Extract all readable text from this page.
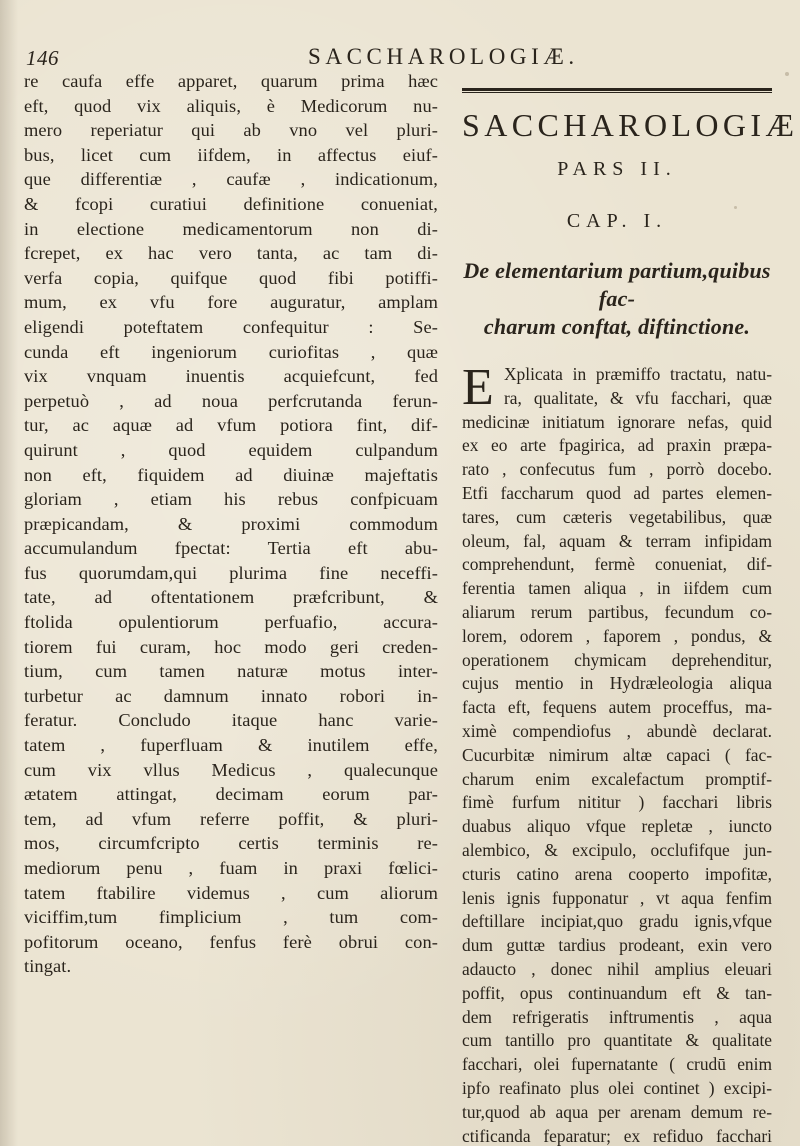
146	SACCHAROLOGIÆ.
re caufa effe apparet, quarum prima hæc
eft, quod vix aliquis, è Medicorum nu-
mero reperiatur qui ab vno vel pluri-
bus, licet cum iifdem, in affectus eiuf-
que differentiæ , caufæ , indicationum,
& fcopi curatiui definitione conueniat,
in electione medicamentorum non di-
fcrepet, ex hac vero tanta, ac tam di-
verfa copia, quifque quod fibi potiffi-
mum, ex vfu fore auguratur, amplam
eligendi poteftatem confequitur : Se-
cunda eft ingeniorum curiofitas , quæ
vix vnquam inuentis acquiefcunt, fed
perpetuò , ad noua perfcrutanda ferun-
tur, ac aquæ ad vfum potiora fint, dif-
quirunt , quod equidem culpandum
non eft, fiquidem ad diuinæ majeftatis
gloriam , etiam his rebus confpicuam
præpicandam, & proximi commodum
accumulandum fpectat: Tertia eft abu-
fus quorumdam,qui plurima fine neceffi-
tate, ad oftentationem præfcribunt, &
ftolida opulentiorum perfuafio, accura-
tiorem fui curam, hoc modo geri creden-
tium, cum tamen naturæ motus inter-
turbetur ac damnum innato robori in-
feratur. Concludo itaque hanc varie-
tatem , fuperfluam & inutilem effe,
cum vix vllus Medicus , qualecunque
ætatem attingat, decimam eorum par-
tem, ad vfum referre poffit, & pluri-
mos, circumfcripto certis terminis re-
mediorum penu , fuam in praxi fœlici-
tatem ftabilire videmus , cum aliorum
viciffim,tum fimplicium , tum com-
pofitorum oceano, fenfus ferè obrui con-
tingat.
SACCHAROLOGIÆ
PARS II.
CAP. I.
De elementarium partium,quibus fac-
charum conftat, diftinctione.
E Xplicata in præmiffo tractatu, natu-
ra, qualitate, & vfu facchari, quæ
medicinæ initiatum ignorare nefas, quid
ex eo arte fpagirica, ad praxin præpa-
rato , confecutus fum , porrò docebo.
Etfi faccharum quod ad partes elemen-
tares, cum cæteris vegetabilibus, quæ
oleum, fal, aquam & terram infipidam
comprehendunt, fermè conueniat, dif-
ferentia tamen aliqua , in iifdem cum
aliarum rerum partibus, fecundum co-
lorem, odorem , faporem , pondus, &
operationem chymicam deprehenditur,
cujus mentio in Hydræleologia aliqua
facta eft, fequens autem proceffus, ma-
ximè compendiofus , abundè declarat.
Cucurbitæ nimirum altæ capaci ( fac-
charum enim excalefactum promptif-
fimè furfum nititur ) facchari libris
duabus aliquo vfque repletæ , iuncto
alembico, & excipulo, occlufifque jun-
cturis catino arena cooperto impofitæ,
lenis ignis fupponatur , vt aqua fenfim
deftillare incipiat,quo gradu ignis,vfque
dum guttæ tardius prodeant, exin vero
adaucto , donec nihil amplius eleuari
poffit, opus continuandum eft & tan-
dem refrigeratis inftrumentis , aqua
cum tantillo pro quantitate & qualitate
facchari, olei fupernatante ( crudū enim
ipfo reafinato plus olei continet ) excipi-
tur,quod ab aqua per arenam demum re-
ctificanda feparatur; ex refiduo facchari
